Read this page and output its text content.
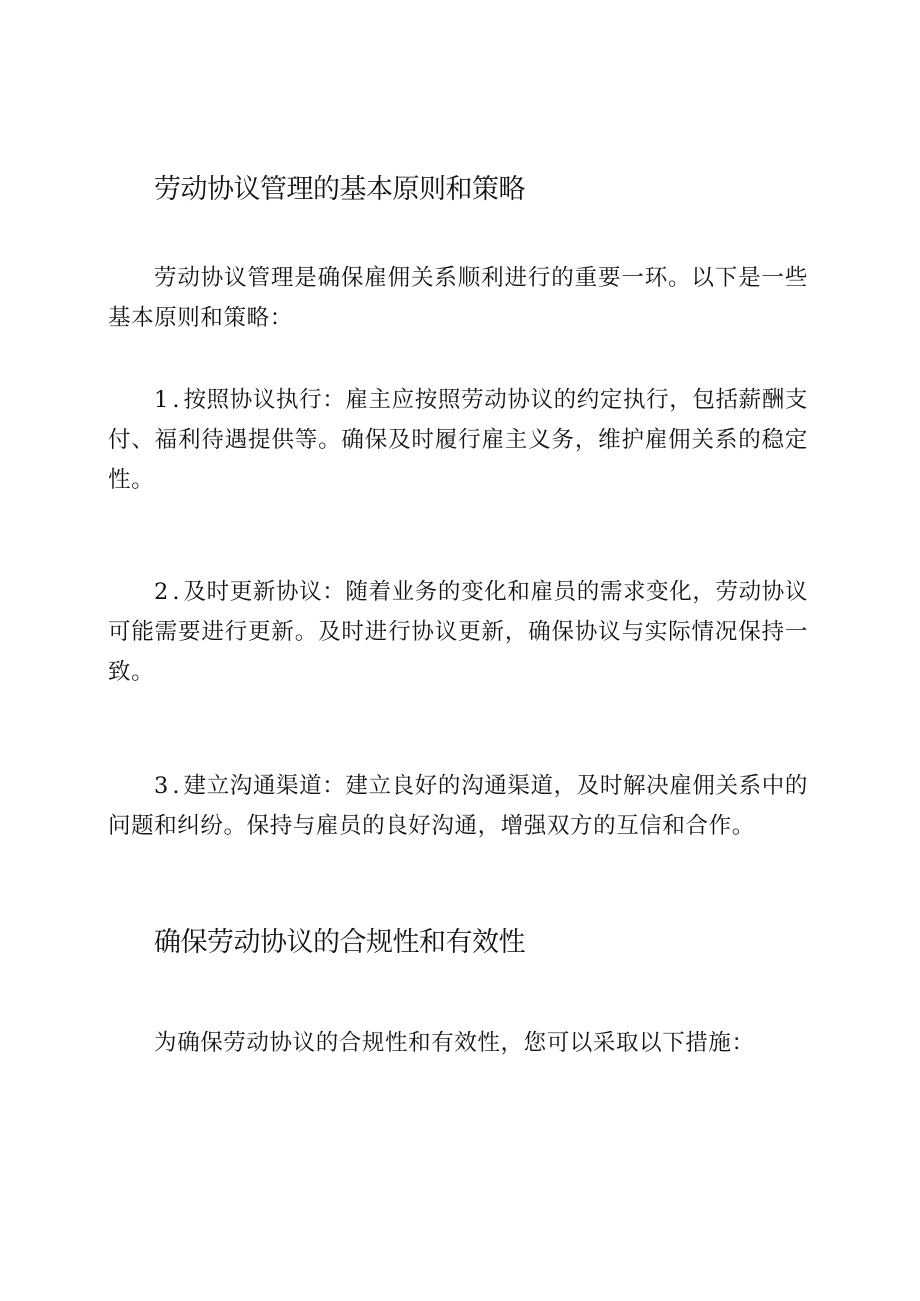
劳动协议管理的基本原则和策略

劳动协议管理是确保雇佣关系顺利进行的重要一环。以下是一些基本原则和策略：

1.按照协议执行：雇主应按照劳动协议的约定执行，包括薪酬支付、福利待遇提供等。确保及时履行雇主义务，维护雇佣关系的稳定性。

2.及时更新协议：随着业务的变化和雇员的需求变化，劳动协议可能需要进行更新。及时进行协议更新，确保协议与实际情况保持一致。

3.建立沟通渠道：建立良好的沟通渠道，及时解决雇佣关系中的问题和纠纷。保持与雇员的良好沟通，增强双方的互信和合作。

确保劳动协议的合规性和有效性

为确保劳动协议的合规性和有效性，您可以采取以下措施：
